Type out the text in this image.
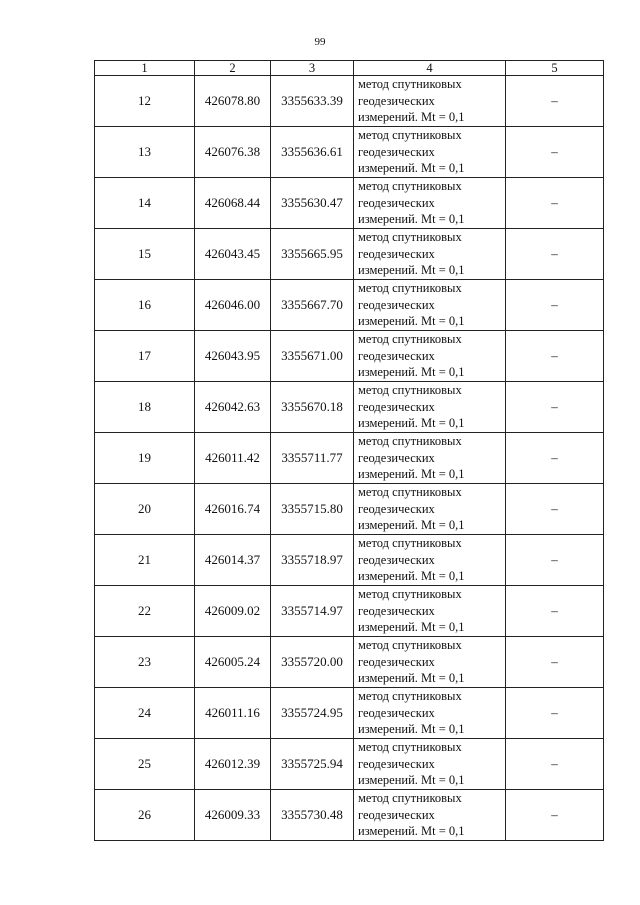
99
1	2	3	4	5
12	426078.80	3355633.39	метод спутниковых
геодезических
измерений. Mt = 0,1	–
13	426076.38	3355636.61	метод спутниковых
геодезических
измерений. Mt = 0,1	–
14	426068.44	3355630.47	метод спутниковых
геодезических
измерений. Mt = 0,1	–
15	426043.45	3355665.95	метод спутниковых
геодезических
измерений. Mt = 0,1	–
16	426046.00	3355667.70	метод спутниковых
геодезических
измерений. Mt = 0,1	–
17	426043.95	3355671.00	метод спутниковых
геодезических
измерений. Mt = 0,1	–
18	426042.63	3355670.18	метод спутниковых
геодезических
измерений. Mt = 0,1	–
19	426011.42	3355711.77	метод спутниковых
геодезических
измерений. Mt = 0,1	–
20	426016.74	3355715.80	метод спутниковых
геодезических
измерений. Mt = 0,1	–
21	426014.37	3355718.97	метод спутниковых
геодезических
измерений. Mt = 0,1	–
22	426009.02	3355714.97	метод спутниковых
геодезических
измерений. Mt = 0,1	–
23	426005.24	3355720.00	метод спутниковых
геодезических
измерений. Mt = 0,1	–
24	426011.16	3355724.95	метод спутниковых
геодезических
измерений. Mt = 0,1	–
25	426012.39	3355725.94	метод спутниковых
геодезических
измерений. Mt = 0,1	–
26	426009.33	3355730.48	метод спутниковых
геодезических
измерений. Mt = 0,1	–
